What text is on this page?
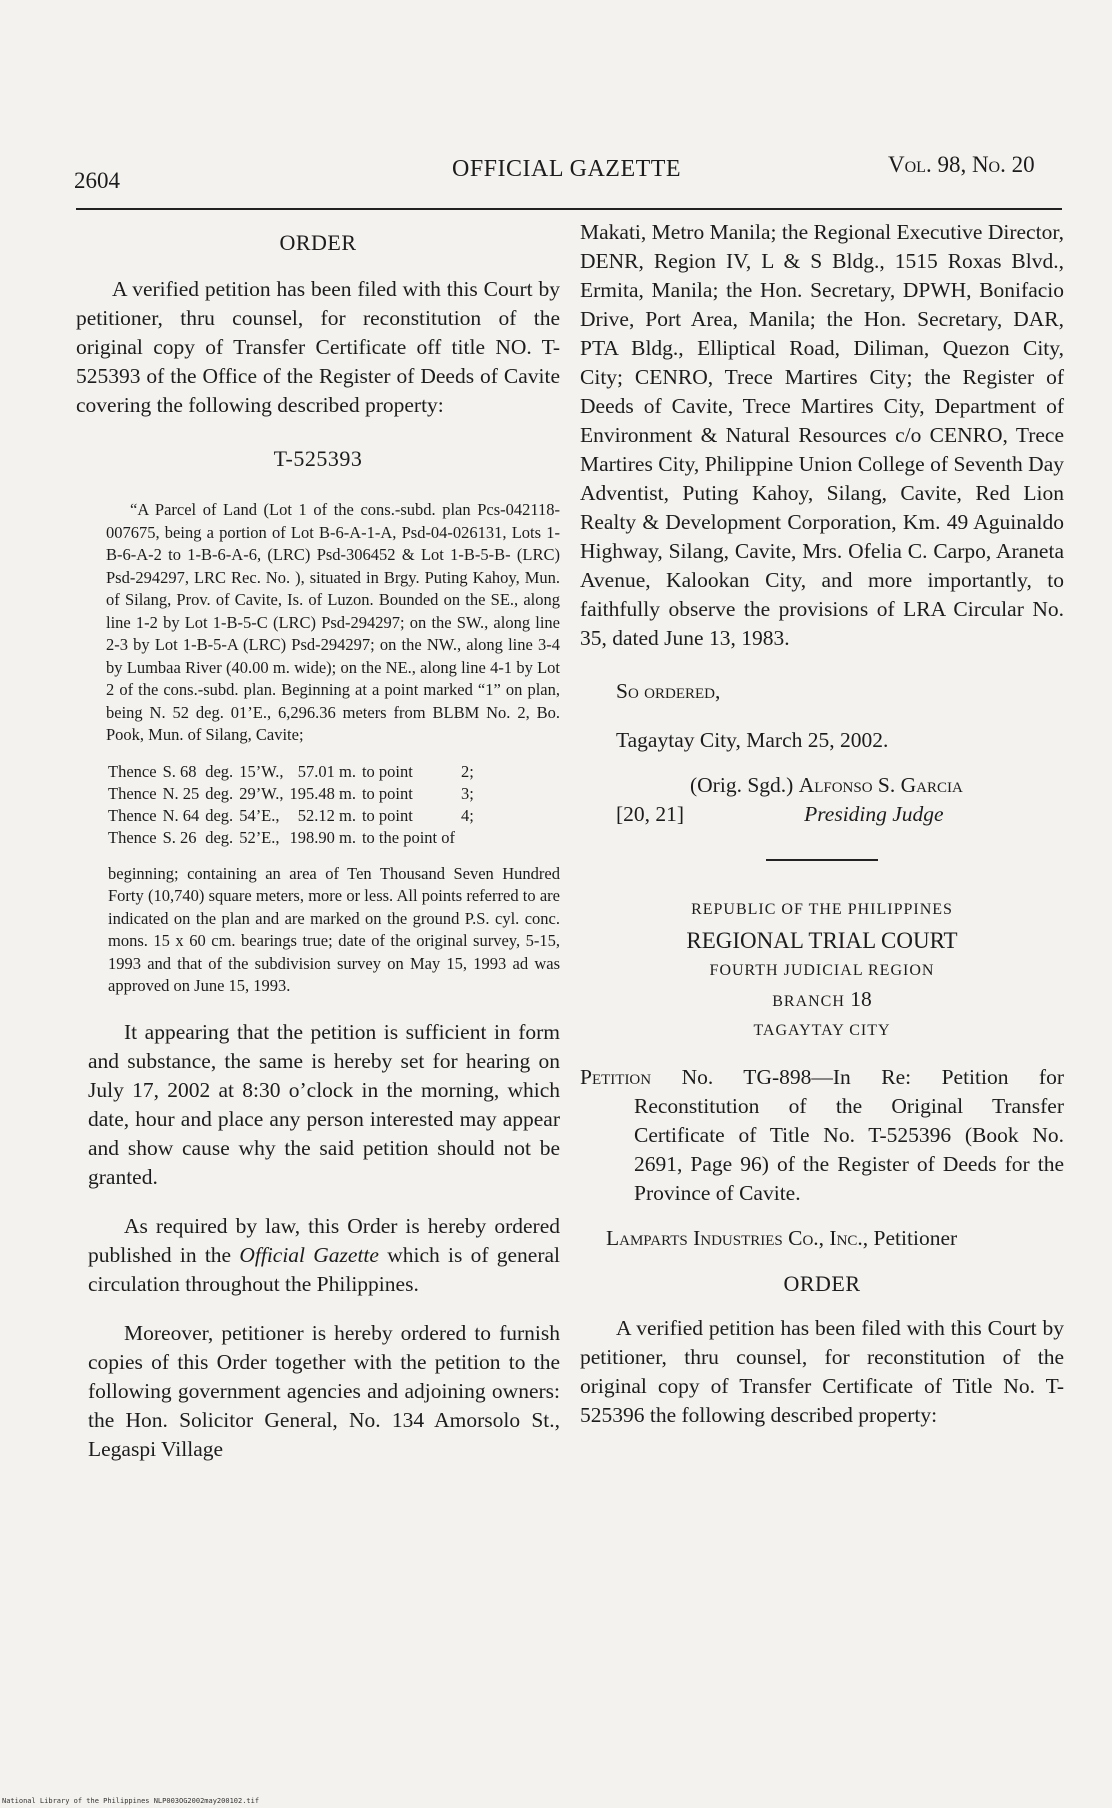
2604	OFFICIAL GAZETTE	Vol. 98, No. 20

ORDER

A verified petition has been filed with this Court by petitioner, thru counsel, for reconstitution of the original copy of Transfer Certificate off title NO. T-525393 of the Office of the Register of Deeds of Cavite covering the following described property:

T-525393

“A Parcel of Land (Lot 1 of the cons.-subd. plan Pcs-042118-007675, being a portion of Lot B-6-A-1-A, Psd-04-026131, Lots 1-B-6-A-2 to 1-B-6-A-6, (LRC) Psd-306452 & Lot 1-B-5-B- (LRC) Psd-294297, LRC Rec. No. ), situated in Brgy. Puting Kahoy, Mun. of Silang, Prov. of Cavite, Is. of Luzon. Bounded on the SE., along line 1-2 by Lot 1-B-5-C (LRC) Psd-294297; on the SW., along line 2-3 by Lot 1-B-5-A (LRC) Psd-294297; on the NW., along line 3-4 by Lumbaa River (40.00 m. wide); on the NE., along line 4-1 by Lot 2 of the cons.-subd. plan. Beginning at a point marked “1” on plan, being N. 52 deg. 01’E., 6,296.36 meters from BLBM No. 2, Bo. Pook, Mun. of Silang, Cavite;

Thence	S. 68	deg.	15’W.,	57.01 m.	to point	2;
Thence	N. 25	deg.	29’W.,	195.48 m.	to point	3;
Thence	N. 64	deg.	54’E.,	52.12 m.	to point	4;
Thence	S. 26	deg.	52’E.,	198.90 m.	to the point of	

beginning; containing an area of Ten Thousand Seven Hundred Forty (10,740) square meters, more or less. All points referred to are indicated on the plan and are marked on the ground P.S. cyl. conc. mons. 15 x 60 cm. bearings true; date of the original survey, 5-15, 1993 and that of the subdivision survey on May 15, 1993 ad was approved on June 15, 1993.

It appearing that the petition is sufficient in form and substance, the same is hereby set for hearing on July 17, 2002 at 8:30 o’clock in the morning, which date, hour and place any person interested may appear and show cause why the said petition should not be granted.

As required by law, this Order is hereby ordered published in the Official Gazette which is of general circulation throughout the Philippines.

Moreover, petitioner is hereby ordered to furnish copies of this Order together with the petition to the following government agencies and adjoining owners: the Hon. Solicitor General, No. 134 Amorsolo St., Legaspi Village

Makati, Metro Manila; the Regional Executive Director, DENR, Region IV, L & S Bldg., 1515 Roxas Blvd., Ermita, Manila; the Hon. Secretary, DPWH, Bonifacio Drive, Port Area, Manila; the Hon. Secretary, DAR, PTA Bldg., Elliptical Road, Diliman, Quezon City, City; CENRO, Trece Martires City; the Register of Deeds of Cavite, Trece Martires City, Department of Environment & Natural Resources c/o CENRO, Trece Martires City, Philippine Union College of Seventh Day Adventist, Puting Kahoy, Silang, Cavite, Red Lion Realty & Development Corporation, Km. 49 Aguinaldo Highway, Silang, Cavite, Mrs. Ofelia C. Carpo, Araneta Avenue, Kalookan City, and more importantly, to faithfully observe the provisions of LRA Circular No. 35, dated June 13, 1983.

So ordered,

Tagaytay City, March 25, 2002.

(Orig. Sgd.) Alfonso S. Garcia

[20, 21]	Presiding Judge

REPUBLIC OF THE PHILIPPINES

REGIONAL TRIAL COURT

FOURTH JUDICIAL REGION

BRANCH 18

TAGAYTAY CITY

Petition No. TG-898—In Re: Petition for Reconstitution of the Original Transfer Certificate of Title No. T-525396 (Book No. 2691, Page 96) of the Register of Deeds for the Province of Cavite.

Lamparts Industries Co., Inc., Petitioner

ORDER

A verified petition has been filed with this Court by petitioner, thru counsel, for reconstitution of the original copy of Transfer Certificate of Title No. T-525396 the following described property:

National Library of the Philippines NLP003OG2002may200102.tif
